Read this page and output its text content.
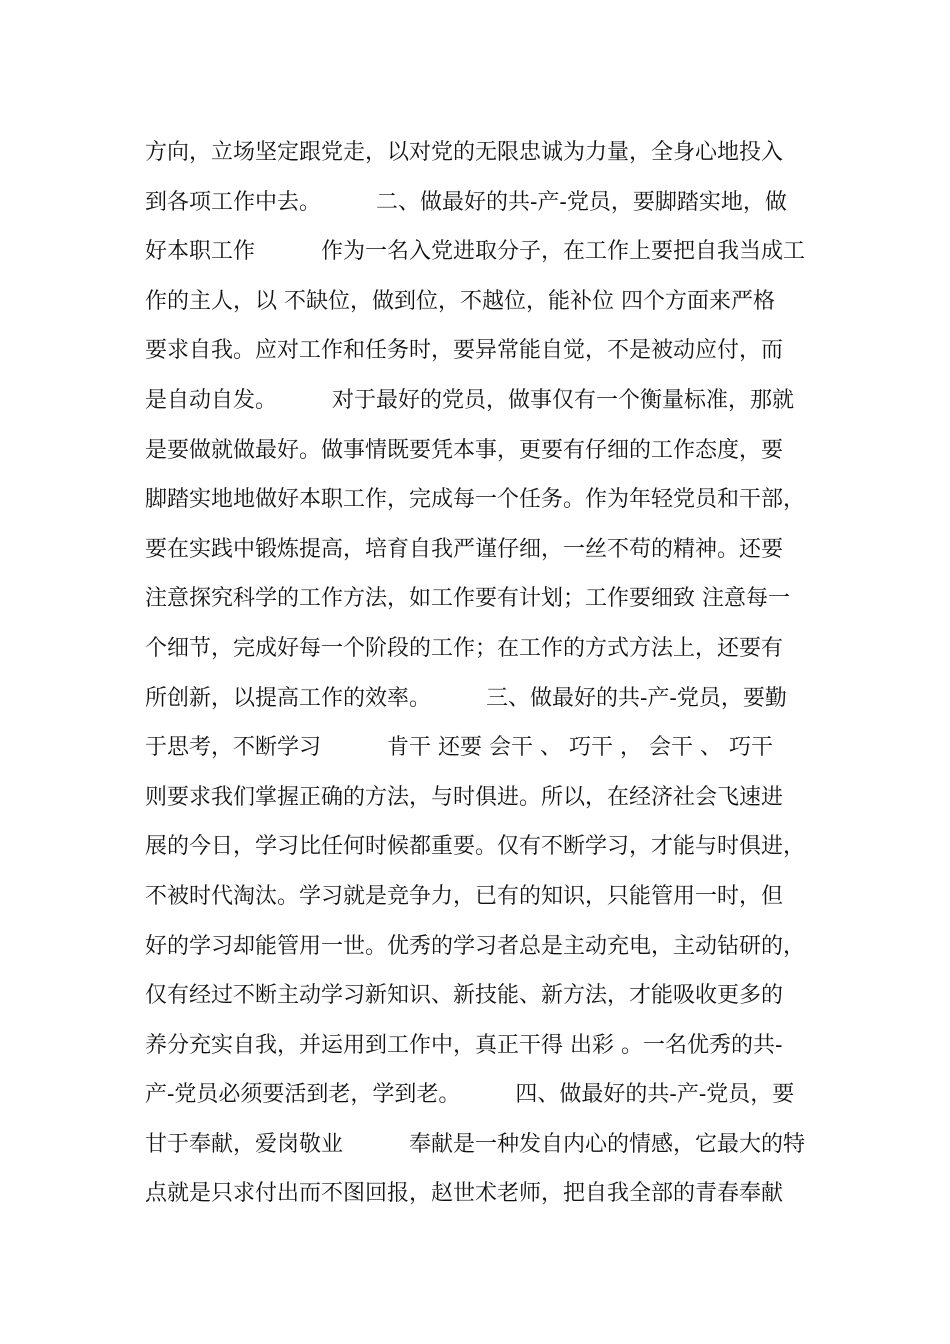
方向，立场坚定跟党走，以对党的无限忠诚为力量，全身心地投入
到各项工作中去。　　　二、做最好的共-产-党员，要脚踏实地，做
好本职工作　　　作为一名入党进取分子，在工作上要把自我当成工
作的主人，以 不缺位，做到位，不越位，能补位 四个方面来严格
要求自我。应对工作和任务时，要异常能自觉，不是被动应付，而
是自动自发。　　　对于最好的党员，做事仅有一个衡量标准，那就
是要做就做最好。做事情既要凭本事，更要有仔细的工作态度，要
脚踏实地地做好本职工作，完成每一个任务。作为年轻党员和干部，
要在实践中锻炼提高，培育自我严谨仔细，一丝不苟的精神。还要
注意探究科学的工作方法，如工作要有计划；工作要细致 注意每一
个细节，完成好每一个阶段的工作；在工作的方式方法上，还要有
所创新，以提高工作的效率。　　　三、做最好的共-产-党员，要勤
于思考，不断学习　　　肯干 还要 会干 、 巧干 ， 会干 、 巧干
则要求我们掌握正确的方法，与时俱进。所以，在经济社会飞速进
展的今日，学习比任何时候都重要。仅有不断学习，才能与时俱进，
不被时代淘汰。学习就是竞争力，已有的知识，只能管用一时，但
好的学习却能管用一世。优秀的学习者总是主动充电，主动钻研的，
仅有经过不断主动学习新知识、新技能、新方法，才能吸收更多的
养分充实自我，并运用到工作中，真正干得 出彩 。一名优秀的共-
产-党员必须要活到老，学到老。　　　四、做最好的共-产-党员，要
甘于奉献，爱岗敬业　　　奉献是一种发自内心的情感，它最大的特
点就是只求付出而不图回报，赵世术老师，把自我全部的青春奉献
